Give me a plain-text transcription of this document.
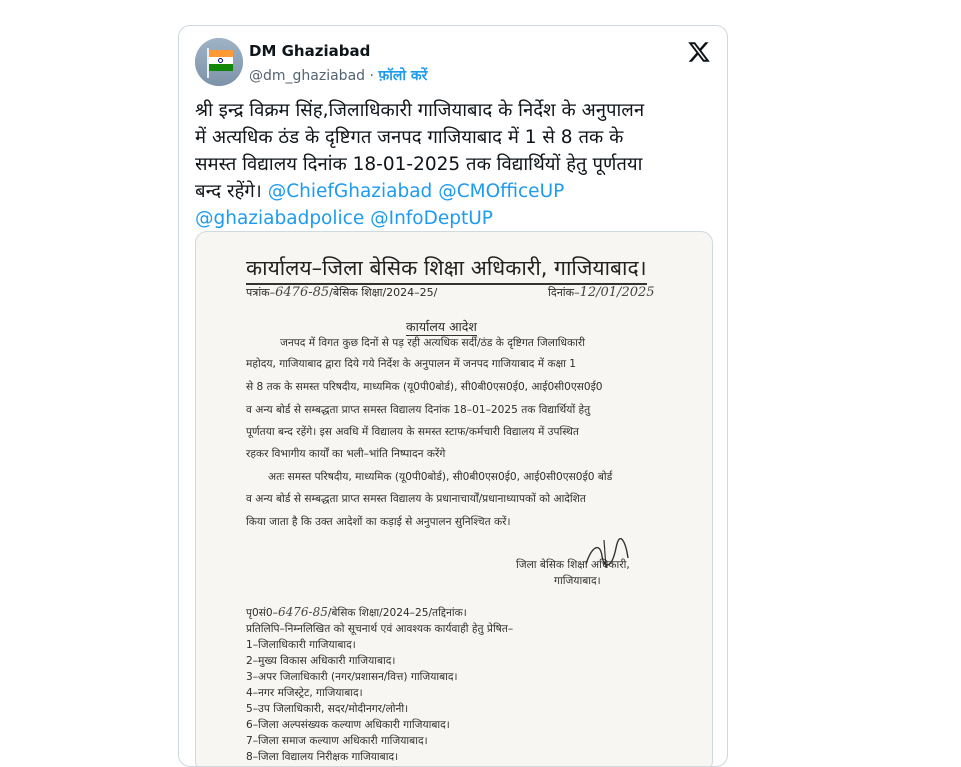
DM Ghaziabad
@dm_ghaziabad · फ़ॉलो करें
श्री इन्द्र विक्रम सिंह,जिलाधिकारी गाजियाबाद के निर्देश के अनुपालन
में अत्यधिक ठंड के दृष्टिगत जनपद गाजियाबाद में 1 से 8 तक के
समस्त विद्यालय दिनांक 18-01-2025 तक विद्यार्थियों हेतु पूर्णतया
बन्द रहेंगे। @ChiefGhaziabad @CMOfficeUP
@ghaziabadpolice @InfoDeptUP
कार्यालय–जिला बेसिक शिक्षा अधिकारी, गाजियाबाद।
पत्रांक–6476-85/बेसिक शिक्षा/2024–25/	दिनांक–12/01/2025
कार्यालय आदेश
जनपद में विगत कुछ दिनों से पड़ रही अत्यधिक सर्दी/ठंड के दृष्टिगत जिलाधिकारी
महोदय, गाजियाबाद द्वारा दिये गये निर्देश के अनुपालन में जनपद गाजियाबाद में कक्षा 1
से 8 तक के समस्त परिषदीय, माध्यमिक (यू0पी0बोर्ड), सी0बी0एस0ई0, आई0सी0एस0ई0
व अन्य बोर्ड से सम्बद्धता प्राप्त समस्त विद्यालय दिनांक 18–01–2025 तक विद्यार्थियों हेतु
पूर्णतया बन्द रहेंगे। इस अवधि में विद्यालय के समस्त स्टाफ/कर्मचारी विद्यालय में उपस्थित
रहकर विभागीय कार्यों का भली–भांति निष्पादन करेंगे
अतः समस्त परिषदीय, माध्यमिक (यू0पी0बोर्ड), सी0बी0एस0ई0, आई0सी0एस0ई0 बोर्ड
व अन्य बोर्ड से सम्बद्धता प्राप्त समस्त विद्यालय के प्रधानाचार्यों/प्रधानाध्यापकों को आदेशित
किया जाता है कि उक्त आदेशों का कड़ाई से अनुपालन सुनिश्चित करें।
जिला बेसिक शिक्षा अधिकारी,
गाजियाबाद।
पृ0सं0–6476-85/बेसिक शिक्षा/2024–25/तद्दिनांक।
प्रतिलिपि–निम्नलिखित को सूचनार्थ एवं आवश्यक कार्यवाही हेतु प्रेषित–
1–जिलाधिकारी गाजियाबाद।
2–मुख्य विकास अधिकारी गाजियाबाद।
3–अपर जिलाधिकारी (नगर/प्रशासन/वित्त) गाजियाबाद।
4–नगर मजिस्ट्रेट, गाजियाबाद।
5–उप जिलाधिकारी, सदर/मोदीनगर/लोनी।
6–जिला अल्पसंख्यक कल्याण अधिकारी गाजियाबाद।
7–जिला समाज कल्याण अधिकारी गाजियाबाद।
8–जिला विद्यालय निरीक्षक गाजियाबाद।
